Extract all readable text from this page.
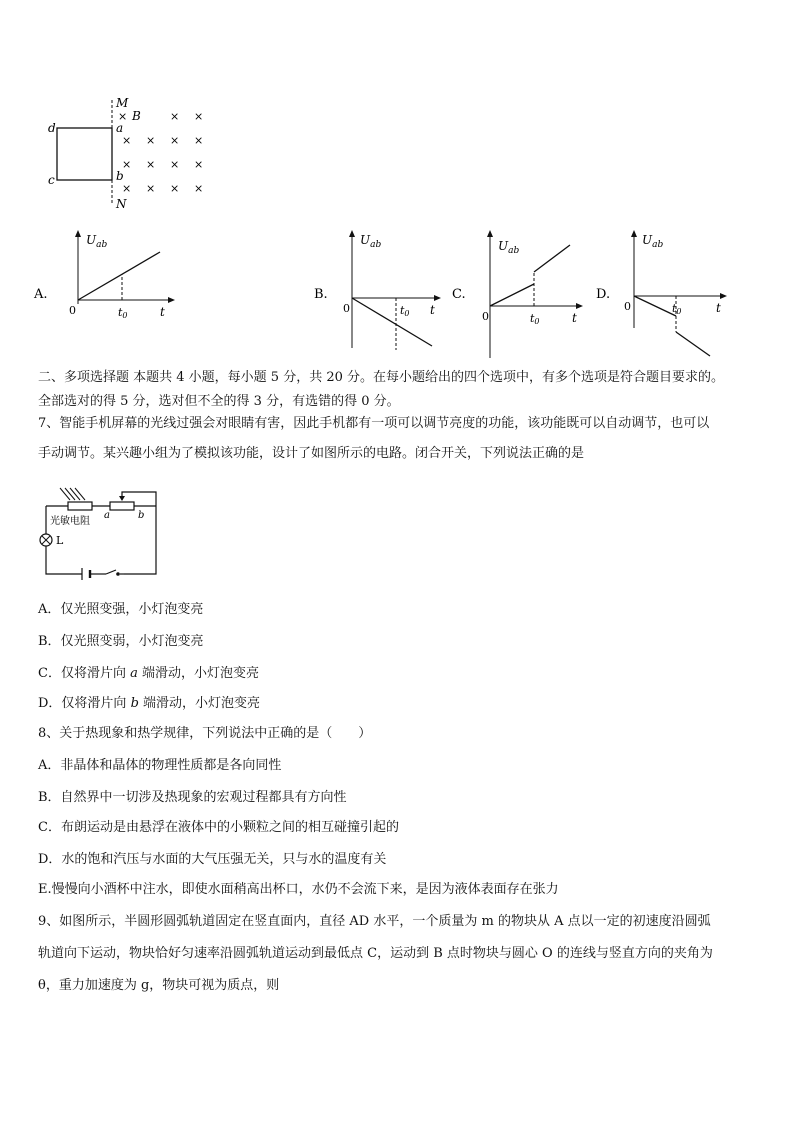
M
N
a
b
d
c
B
×	× ×
× × × ×
× × × ×
× × × ×
A.
$U_{ab}$
0	t0	t
B.
$U_{ab}$
0	t0 t
C.
$U_{ab}$
0	t0	t
D.
$U_{ab}$
0	t0	t
二、多项选择题 本题共 4 小题，每小题 5 分，共 20 分。在每小题给出的四个选项中，有多个选项是符合题目要求的。
全部选对的得 5 分，选对但不全的得 3 分，有选错的得 0 分。
7、智能手机屏幕的光线过强会对眼睛有害，因此手机都有一项可以调节亮度的功能，该功能既可以自动调节，也可以
手动调节。某兴趣小组为了模拟该功能，设计了如图所示的电路。闭合开关，下列说法正确的是
L
光敏电阻
a	b
A．仅光照变强，小灯泡变亮
B．仅光照变弱，小灯泡变亮
C．仅将滑片向 a 端滑动，小灯泡变亮
D．仅将滑片向 b 端滑动，小灯泡变亮
8、关于热现象和热学规律，下列说法中正确的是（　　）
A．非晶体和晶体的物理性质都是各向同性
B．自然界中一切涉及热现象的宏观过程都具有方向性
C．布朗运动是由悬浮在液体中的小颗粒之间的相互碰撞引起的
D．水的饱和汽压与水面的大气压强无关，只与水的温度有关
E.慢慢向小酒杯中注水，即使水面稍高出杯口，水仍不会流下来，是因为液体表面存在张力
9、如图所示，半圆形圆弧轨道固定在竖直面内，直径 AD 水平，一个质量为 m 的物块从 A 点以一定的初速度沿圆弧
轨道向下运动，物块恰好匀速率沿圆弧轨道运动到最低点 C，运动到 B 点时物块与圆心 O 的连线与竖直方向的夹角为
θ，重力加速度为 g，物块可视为质点，则
